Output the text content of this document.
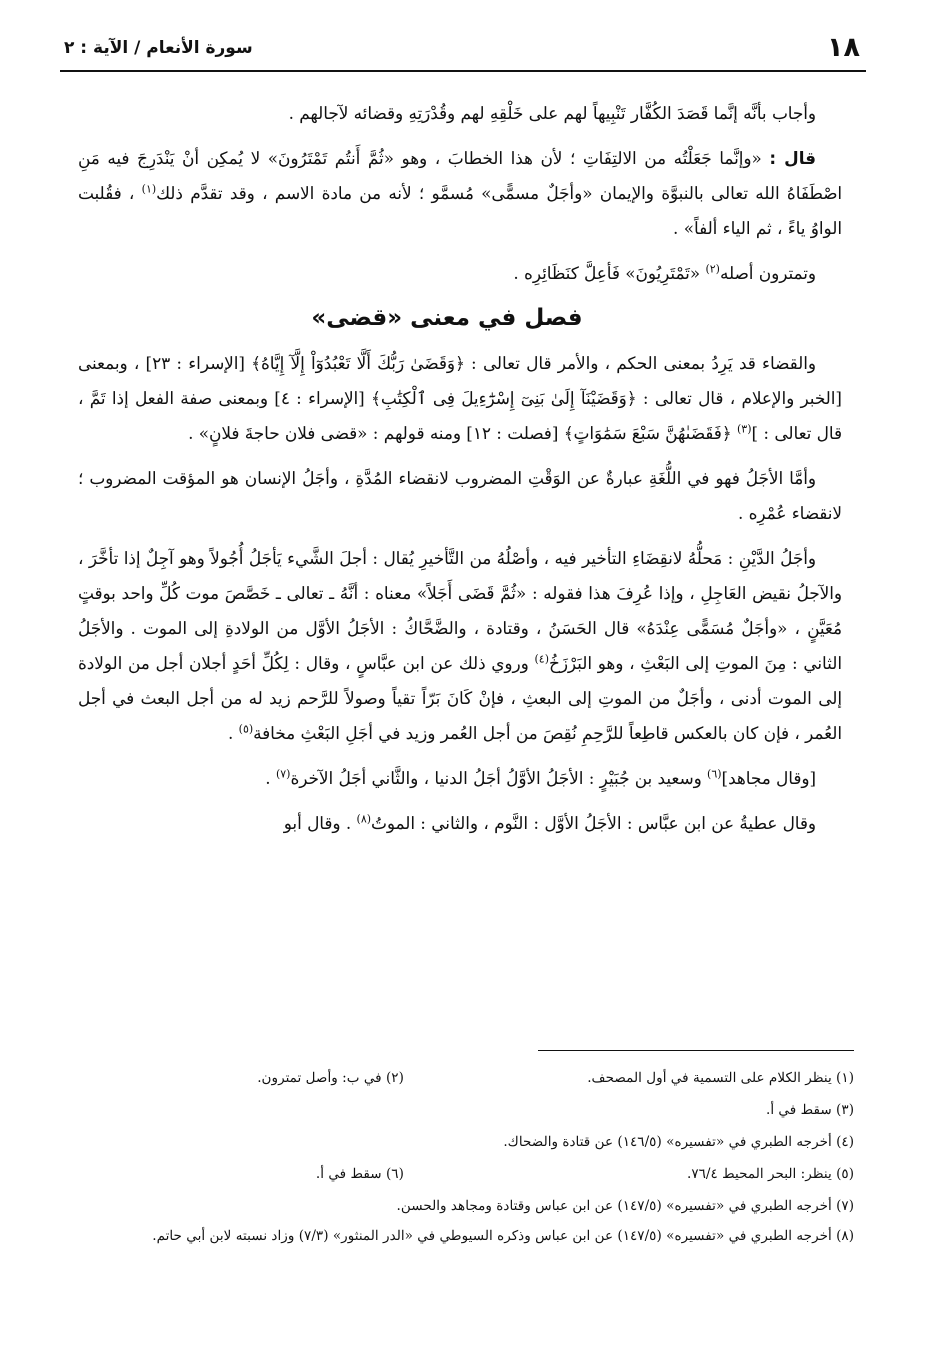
١٨
سورة الأنعام / الآية : ٢

وأجاب بأنَّه إنَّما قَصَدَ الكُفَّار تَنْبِيهاً لهم على خَلْقِهِ لهم وقُدْرَتِهِ وقضائه لآجالهم .

قال : «وإنَّما جَعَلْتُه من الالتِفَاتِ ؛ لأن هذا الخطابَ ، وهو «ثُمَّ أَنتُم تَمْتَرُونَ» لا يُمكِن أنْ يَنْدَرِجَ فيه مَنِ اصْطَفَاهُ الله تعالى بالنبوَّة والإيمان «وأجَلٌ مسمًّى» مُسمَّو ؛ لأنه من مادة الاسم ، وقد تقدَّم ذلك$^{(١)}$ ، فقُلبت الواوُ ياءً ، ثم الياء ألفاً» .

وتمترون أصله$^{(٢)}$ «تَمْتَرِيُونَ» فَأعِلَّ كنَظَائِرِه .

فصل في معنى «قضى»

والقضاء قد يَرِدُ بمعنى الحكم ، والأمر قال تعالى : ﴿وَقَضَىٰ رَبُّكَ أَلَّا تَعْبُدُوٓاْ إِلَّآ إِيَّاهُ﴾ [الإسراء : ٢٣] ، وبمعنى [الخبر والإعلام ، قال تعالى : ﴿وَقَضَيْنَآ إِلَىٰ بَنِىٓ إِسْرَٰٓءِيلَ فِى ٱلْكِتَٰبِ﴾ [الإسراء : ٤] وبمعنى صفة الفعل إذا تَمَّ ، قال تعالى : ]$^{(٣)}$ ﴿فَقَضَىٰهُنَّ سَبْعَ سَمَٰوَاتٍ﴾ [فصلت : ١٢] ومنه قولهم : «قضى فلان حاجةَ فلانٍ» .

وأمَّا الأجَلُ فهو في اللُّغَةِ عبارةٌ عن الوَقْتِ المضروب لانقضاء المُدَّةِ ، وأجَلُ الإنسان هو المؤقت المضروب ؛ لانقضاء عُمْرِه .

وأجَلُ الدَّيْنِ : مَحلُّهُ لانقِضَاءِ التأخير فيه ، وأصْلُهُ من التَّأخيرِ يُقال : أجلَ الشَّيء يَأجَلُ أُجُولاً وهو آجِلٌ إذا تأخَّرَ ، والآجلُ نقيض العَاجِلِ ، وإذا عُرِفَ هذا فقوله : «ثُمَّ قَضَى أَجَلاً» معناه : أنَّهُ ـ تعالى ـ خَصَّصَ موت كُلِّ واحد بوقتٍ مُعَيَّنٍ ، «وأجَلٌ مُسَمًّى عِنْدَهُ» قال الحَسَنُ ، وقتادة ، والضَّحَّاكُ : الأجَلُ الأوَّل من الولادةِ إلى الموت . والأجَلُ الثاني : مِنَ الموتِ إلى البَعْثِ ، وهو البَرْزَخُ$^{(٤)}$ وروي ذلك عن ابن عبَّاسٍ ، وقال : لِكُلِّ أحَدٍ أجلان أجل من الولادة إلى الموت أدنى ، وأجَلٌ من الموتِ إلى البعثِ ، فإنْ كَانَ بَرّاً تقياً وصولاً للرَّحم زيد له من أجل البعث في أجل العُمر ، فإن كان بالعكس قاطِعاً للرَّحِمِ نُقِصَ من أجل العُمر وزيد في أجَلِ البَعْثِ مخافة$^{(٥)}$ .

[وقال مجاهد]$^{(٦)}$ وسعيد بن جُبَيْرٍ : الأجَلُ الأوَّلُ أجَلُ الدنيا ، والثَّاني أجَلُ الآخرة$^{(٧)}$ .

وقال عطيةُ عن ابن عبَّاس : الأجَلُ الأوَّل : النَّوم ، والثاني : الموتُ$^{(٨)}$ . وقال أبو

(١) ينظر الكلام على التسمية في أول المصحف.

(٢) في ب: وأصل تمترون.

(٣) سقط في أ.

(٤) أخرجه الطبري في «تفسيره» (١٤٦/٥) عن قتادة والضحاك.

(٥) ينظر: البحر المحيط ٧٦/٤.

(٦) سقط في أ.

(٧) أخرجه الطبري في «تفسيره» (١٤٧/٥) عن ابن عباس وقتادة ومجاهد والحسن.

(٨) أخرجه الطبري في «تفسيره» (١٤٧/٥) عن ابن عباس وذكره السيوطي في «الدر المنثور» (٧/٣) وزاد نسبته لابن أبي حاتم.
